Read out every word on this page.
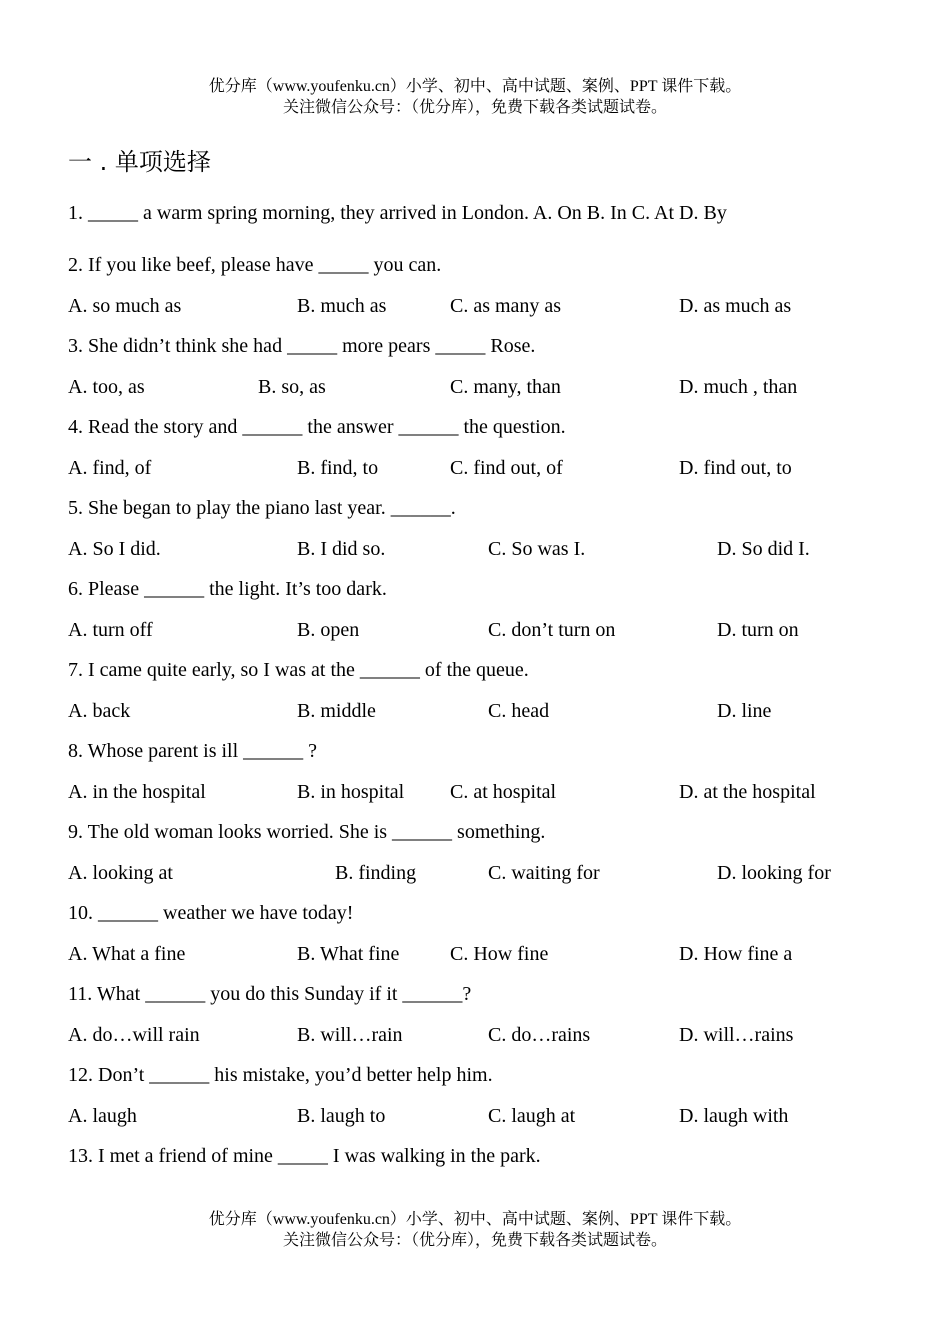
优分库（www.youfenku.cn）小学、初中、高中试题、案例、PPT 课件下载。
关注微信公众号：（优分库），免费下载各类试题试卷。
一 . 单项选择
1. _____ a warm spring morning, they arrived in London. A. On B. In C. At D. By
2. If you like beef, please have _____ you can.
A. so much as	B. much as	C. as many as	D. as much as
3. She didn’t think she had _____ more pears _____ Rose.
A. too, as	B. so, as	C. many, than	D. much , than
4. Read the story and ______ the answer ______ the question.
A. find, of	B. find, to	C. find out, of	D. find out, to
5. She began to play the piano last year. ______.
A. So I did.	B. I did so.	C. So was I.	D. So did I.
6. Please ______ the light. It’s too dark.
A. turn off	B. open	C. don’t turn on	D. turn on
7. I came quite early, so I was at the ______ of the queue.
A. back	B. middle	C. head	D. line
8. Whose parent is ill ______ ?
A. in the hospital	B. in hospital C. at hospital	D. at the hospital
9. The old woman looks worried. She is ______ something.
A. looking at	B. finding	C. waiting for	D. looking for
10. ______ weather we have today!
A. What a fine	B. What fine	C. How fine	D. How fine a
11. What ______ you do this Sunday if it ______?
A. do…will rain	B. will…rain	C. do…rains	D. will…rains
12. Don’t ______ his mistake, you’d better help him.
A. laugh	B. laugh to	C. laugh at	D. laugh with
13. I met a friend of mine _____ I was walking in the park.
优分库（www.youfenku.cn）小学、初中、高中试题、案例、PPT 课件下载。
关注微信公众号：（优分库），免费下载各类试题试卷。
